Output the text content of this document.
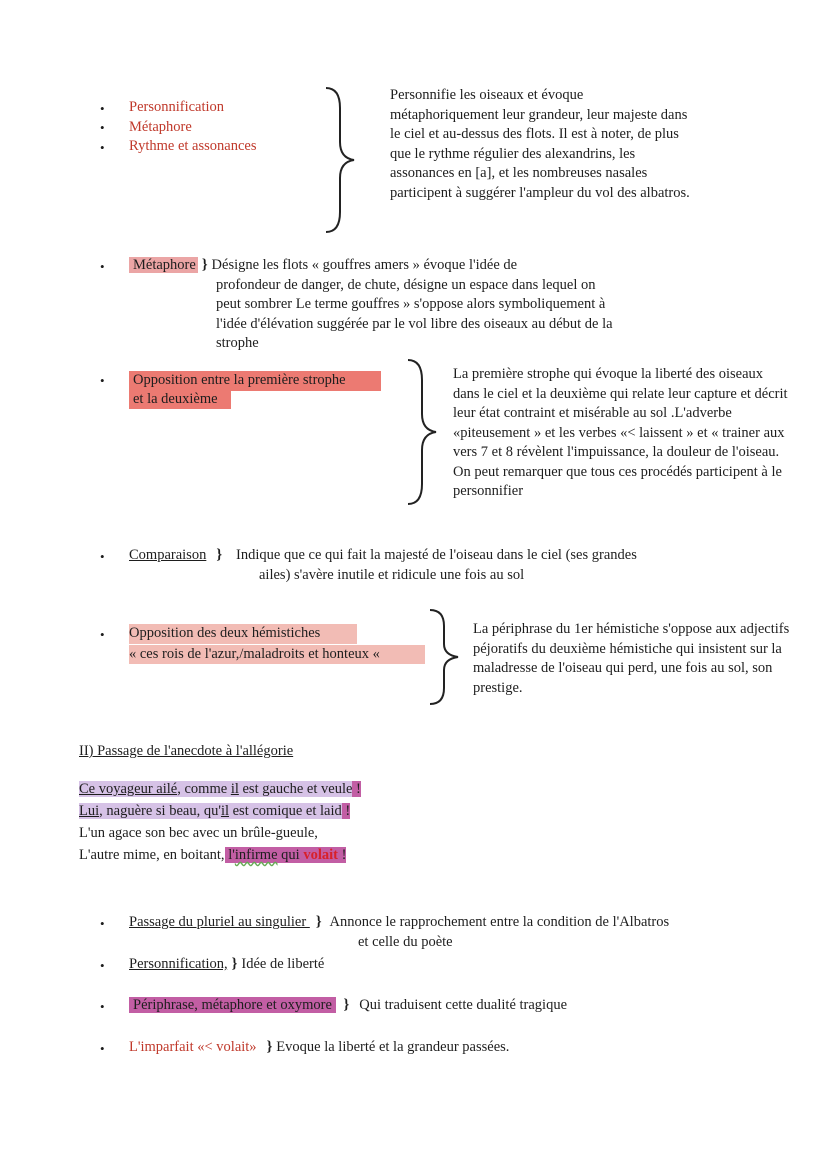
•
•
•
Personnification
Métaphore
Rythme et assonances
Personnifie les oiseaux et évoque métaphoriquement leur grandeur, leur majeste dans le ciel et au-dessus des flots. Il est à noter, de plus que le rythme régulier des alexandrins, les assonances en [a], et les nombreuses nasales participent à suggérer l'ampleur du vol des albatros.
• Métaphore } Désigne les flots « gouffres amers » évoque l'idée de
profondeur de danger, de chute, désigne un espace dans lequel on
peut sombrer Le terme gouffres » s'oppose alors symboliquement à
l'idée d'élévation suggérée par le vol libre des oiseaux au début de la
strophe
• Opposition entre la première strophe
et la deuxième
La première strophe qui évoque la liberté des oiseaux dans le ciel et la deuxième qui relate leur capture et décrit leur état contraint et misérable au sol .L'adverbe «piteusement » et les verbes «< laissent » et « trainer aux vers 7 et 8 révèlent l'impuissance, la douleur de l'oiseau. On peut remarquer que tous ces procédés participent à le personnifier
• Comparaison } Indique que ce qui fait la majesté de l'oiseau dans le ciel (ses grandes
ailes) s'avère inutile et ridicule une fois au sol
• Opposition des deux hémistiches
« ces rois de l'azur,/maladroits et honteux «
La périphrase du 1er hémistiche s'oppose aux adjectifs péjoratifs du deuxième hémistiche qui insistent sur la maladresse de l'oiseau qui perd, une fois au sol, son prestige.
II) Passage de l'anecdote à l'allégorie
Ce voyageur ailé, comme il est gauche et veule !
Lui, naguère si beau, qu'il est comique et laid !
L'un agace son bec avec un brûle-gueule,
L'autre mime, en boitant, l'infirme qui volait !
• Passage du pluriel au singulier } Annonce le rapprochement entre la condition de l'Albatros
et celle du poète
• Personnification, } Idée de liberté
• Périphrase, métaphore et oxymore } Qui traduisent cette dualité tragique
• L'imparfait «< volait» } Evoque la liberté et la grandeur passées.
